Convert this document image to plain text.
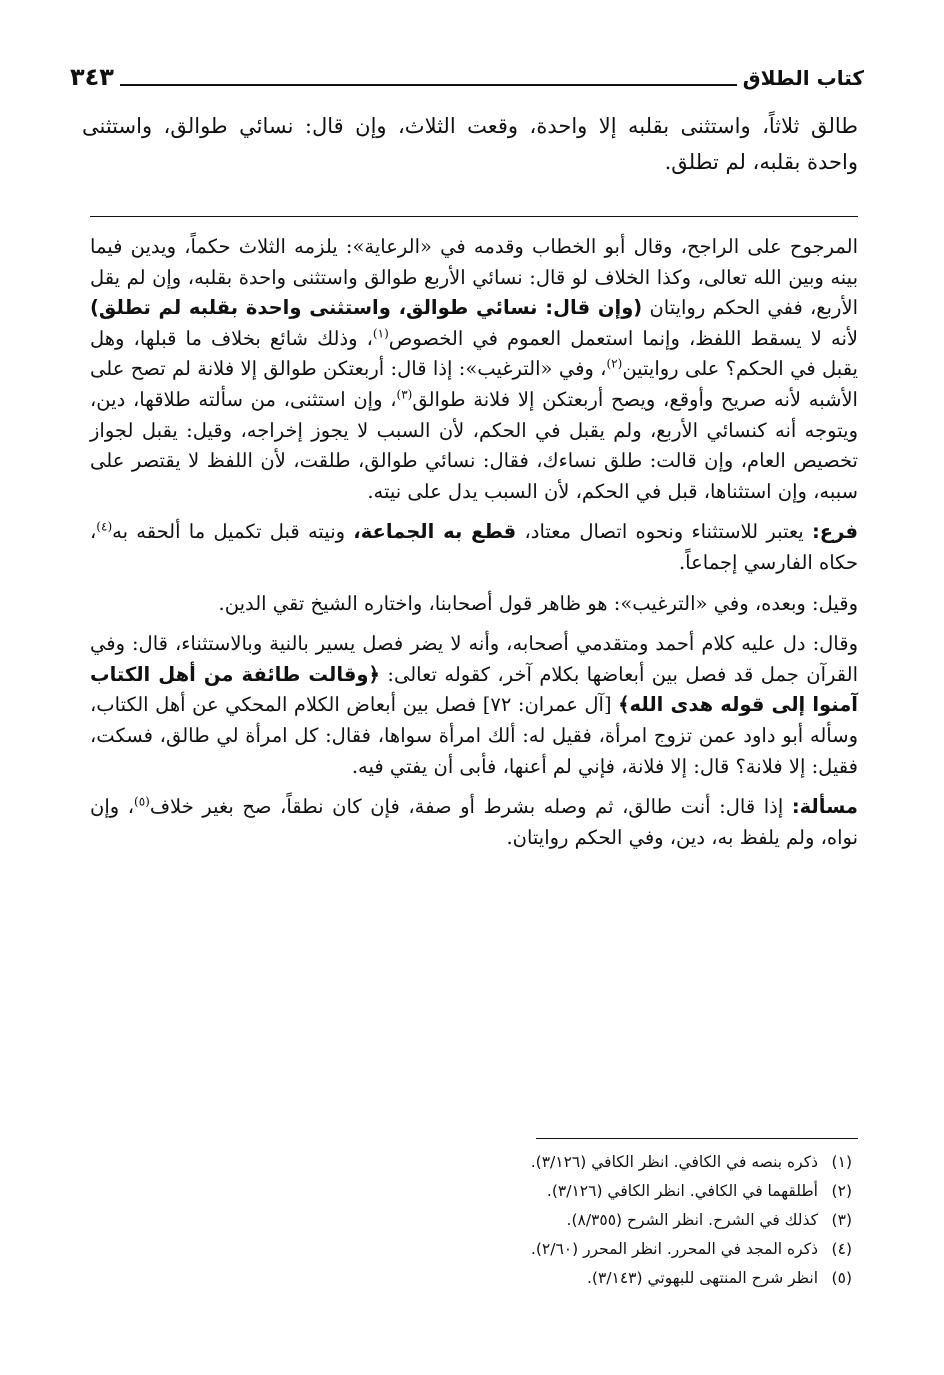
كتاب الطلاق
٣٤٣

طالق ثلاثاً، واستثنى بقلبه إلا واحدة، وقعت الثلاث، وإن قال: نسائي طوالق، واستثنى واحدة بقلبه، لم تطلق.

المرجوح على الراجح، وقال أبو الخطاب وقدمه في «الرعاية»: يلزمه الثلاث حكماً، ويدين فيما بينه وبين الله تعالى، وكذا الخلاف لو قال: نسائي الأربع طوالق واستثنى واحدة بقلبه، وإن لم يقل الأربع، ففي الحكم روايتان (وإن قال: نسائي طوالق، واستثنى واحدة بقلبه لم تطلق) لأنه لا يسقط اللفظ، وإنما استعمل العموم في الخصوص$^{(١)}$، وذلك شائع بخلاف ما قبلها، وهل يقبل في الحكم؟ على روايتين$^{(٢)}$، وفي «الترغيب»: إذا قال: أربعتكن طوالق إلا فلانة لم تصح على الأشبه لأنه صريح وأوقع، ويصح أربعتكن إلا فلانة طوالق$^{(٣)}$، وإن استثنى، من سألته طلاقها، دين، ويتوجه أنه كنسائي الأربع، ولم يقبل في الحكم، لأن السبب لا يجوز إخراجه، وقيل: يقبل لجواز تخصيص العام، وإن قالت: طلق نساءك، فقال: نسائي طوالق، طلقت، لأن اللفظ لا يقتصر على سببه، وإن استثناها، قبل في الحكم، لأن السبب يدل على نيته.

فرع: يعتبر للاستثناء ونحوه اتصال معتاد، قطع به الجماعة، ونيته قبل تكميل ما ألحقه به$^{(٤)}$، حكاه الفارسي إجماعاً.

وقيل: وبعده، وفي «الترغيب»: هو ظاهر قول أصحابنا، واختاره الشيخ تقي الدين.

وقال: دل عليه كلام أحمد ومتقدمي أصحابه، وأنه لا يضر فصل يسير بالنية وبالاستثناء، قال: وفي القرآن جمل قد فصل بين أبعاضها بكلام آخر، كقوله تعالى: ﴿وقالت طائفة من أهل الكتاب آمنوا إلى قوله هدى الله﴾ [آل عمران: ٧٢] فصل بين أبعاض الكلام المحكي عن أهل الكتاب، وسأله أبو داود عمن تزوج امرأة، فقيل له: ألك امرأة سواها، فقال: كل امرأة لي طالق، فسكت، فقيل: إلا فلانة؟ قال: إلا فلانة، فإني لم أعنها، فأبى أن يفتي فيه.

مسألة: إذا قال: أنت طالق، ثم وصله بشرط أو صفة، فإن كان نطقاً، صح بغير خلاف$^{(٥)}$، وإن نواه، ولم يلفظ به، دين، وفي الحكم روايتان.

(١)
ذكره بنصه في الكافي. انظر الكافي (٣/١٢٦).
(٢)
أطلقهما في الكافي. انظر الكافي (٣/١٢٦).
(٣)
كذلك في الشرح. انظر الشرح (٨/٣٥٥).
(٤)
ذكره المجد في المحرر. انظر المحرر (٢/٦٠).
(٥)
انظر شرح المنتهى للبهوتي (٣/١٤٣).
